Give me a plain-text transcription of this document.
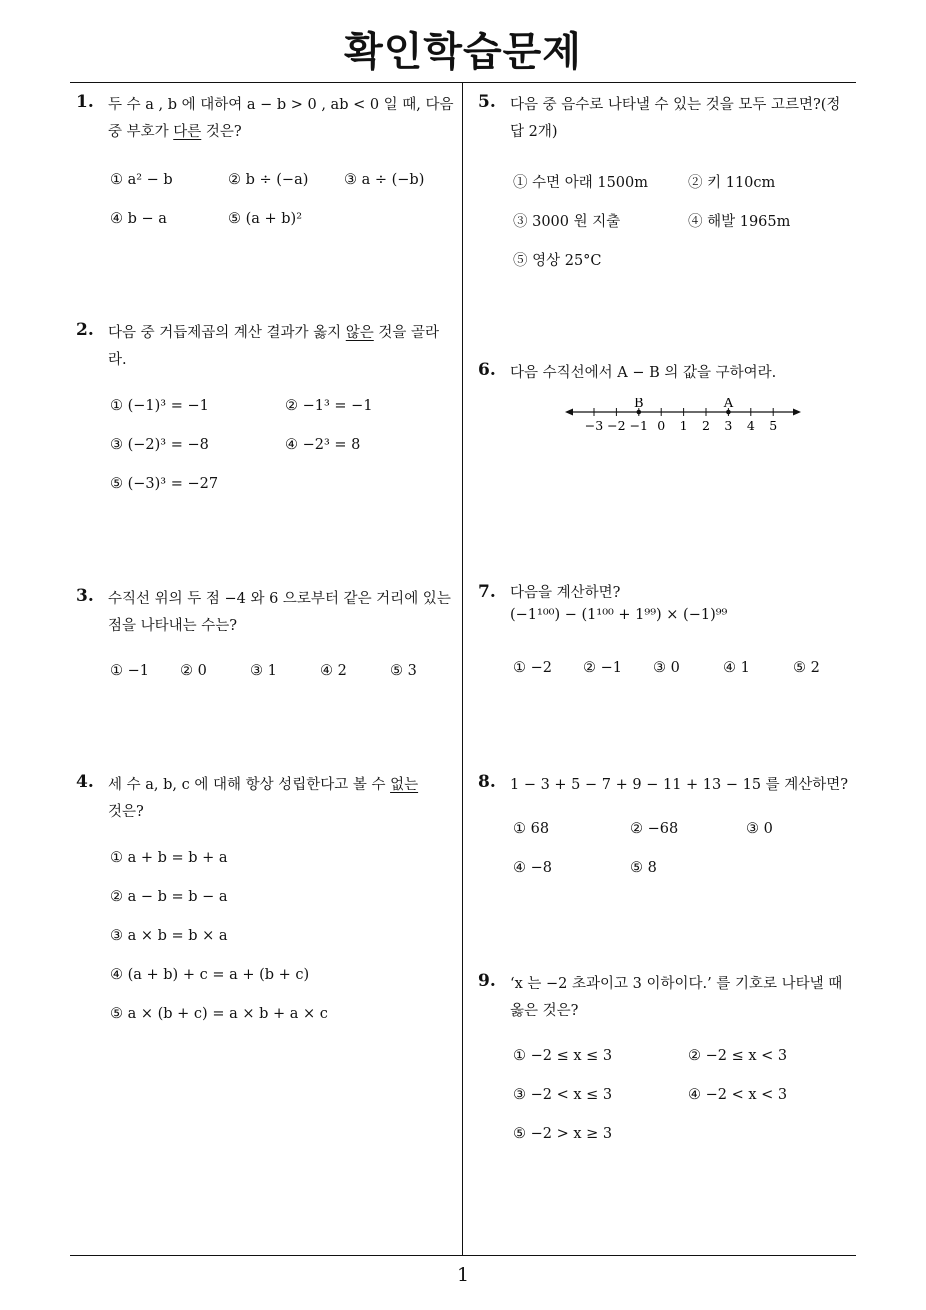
확인학습문제
1
1. 두 수 a , b 에 대하여 a − b > 0 , ab < 0 일 때, 다음
중 부호가 다른 것은?
① a² − b	② b ÷ (−a) ③ a ÷ (−b)
④ b − a	⑤ (a + b)²
2. 다음 중 거듭제곱의 계산 결과가 옳지 않은 것을 골라
라.
① (−1)³ = −1	② −1³ = −1
③ (−2)³ = −8	④ −2³ = 8
⑤ (−3)³ = −27
3. 수직선 위의 두 점 −4 와 6 으로부터 같은 거리에 있는
점을 나타내는 수는?
① −1 ② 0	③ 1	④ 2	⑤ 3
4. 세 수 a, b, c 에 대해 항상 성립한다고 볼 수 없는
것은?
① a + b = b + a
② a − b = b − a
③ a × b = b × a
④ (a + b) + c = a + (b + c)
⑤ a × (b + c) = a × b + a × c
5. 다음 중 음수로 나타낼 수 있는 것을 모두 고르면?(정
답 2개)
① 수면 아래 1500m	② 키 110cm
③ 3000 원 지출	④ 해발 1965m
⑤ 영상 25°C
6. 다음 수직선에서 A − B 의 값을 구하여라.
−3 −2 −1 0 1 2 3 4 5
B	A
7. 다음을 계산하면?
(−1¹⁰⁰) − (1¹⁰⁰ + 1⁹⁹) × (−1)⁹⁹
① −2 ② −1 ③ 0	④ 1	⑤ 2
8. 1 − 3 + 5 − 7 + 9 − 11 + 13 − 15 를 계산하면?
① 68	② −68	③ 0
④ −8	⑤ 8
9. ‘x 는 −2 초과이고 3 이하이다.’ 를 기호로 나타낼 때
옳은 것은?
① −2 ≤ x ≤ 3	② −2 ≤ x < 3
③ −2 < x ≤ 3	④ −2 < x < 3
⑤ −2 > x ≥ 3
